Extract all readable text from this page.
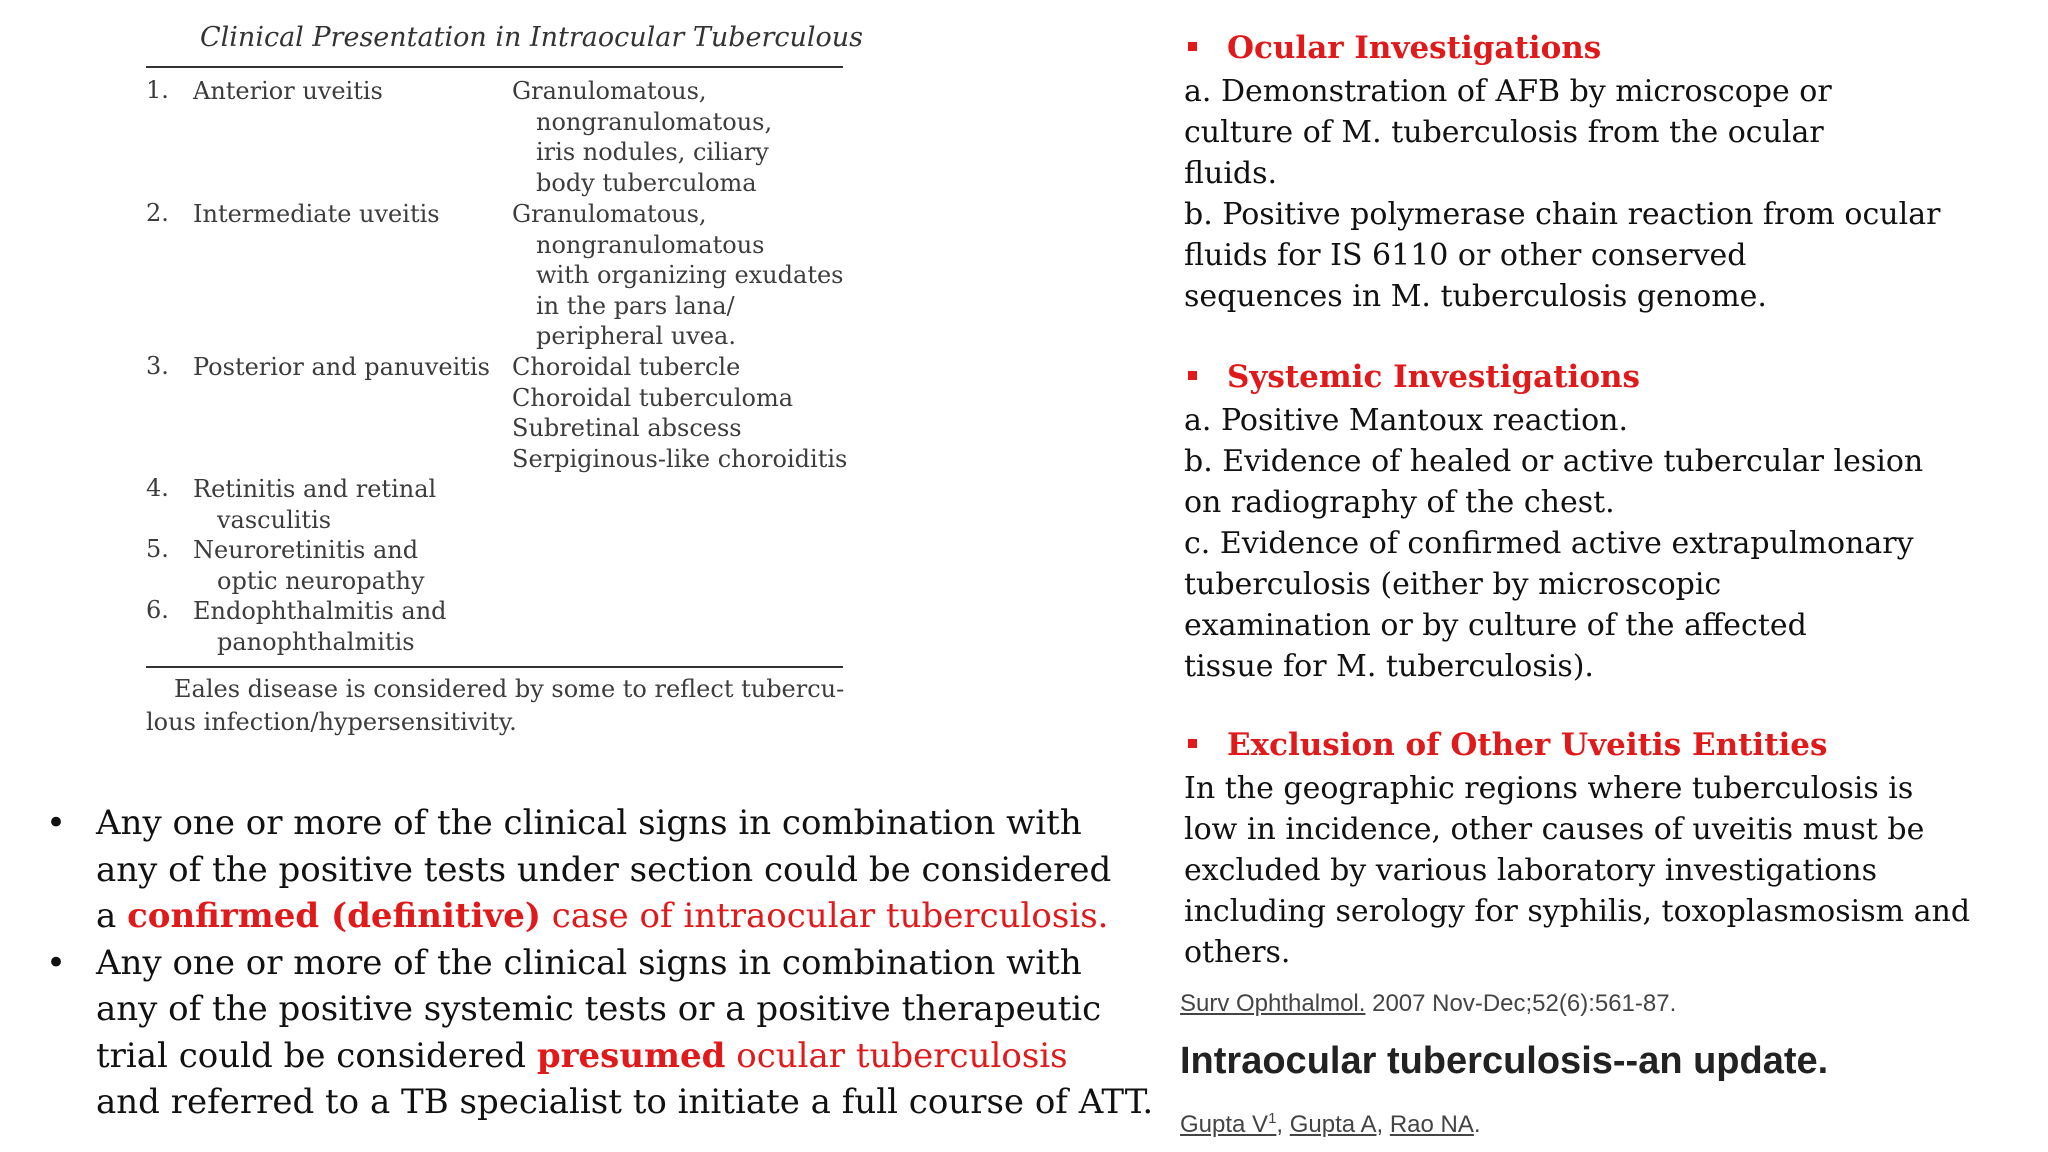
Clinical Presentation in Intraocular Tuberculous
1. Anterior uveitis	Granulomatous,
nongranulomatous,
iris nodules, ciliary
body tuberculoma
2. Intermediate uveitis	Granulomatous,
nongranulomatous
with organizing exudates
in the pars lana/
peripheral uvea.
3. Posterior and panuveitis Choroidal tubercle
Choroidal tuberculoma
Subretinal abscess
Serpiginous-like choroiditis
4. Retinitis and retinal
vasculitis
5. Neuroretinitis and
optic neuropathy
6. Endophthalmitis and
panophthalmitis
Eales disease is considered by some to reflect tubercu-
lous infection/hypersensitivity.
• Any one or more of the clinical signs in combination with
any of the positive tests under section could be considered
a confirmed (definitive) case of intraocular tuberculosis.
• Any one or more of the clinical signs in combination with
any of the positive systemic tests or a positive therapeutic
trial could be considered presumed ocular tuberculosis
and referred to a TB specialist to initiate a full course of ATT.
Ocular Investigations
a. Demonstration of AFB by microscope or
culture of M. tuberculosis from the ocular
fluids.
b. Positive polymerase chain reaction from ocular
fluids for IS 6110 or other conserved
sequences in M. tuberculosis genome.
Systemic Investigations
a. Positive Mantoux reaction.
b. Evidence of healed or active tubercular lesion
on radiography of the chest.
c. Evidence of confirmed active extrapulmonary
tuberculosis (either by microscopic
examination or by culture of the affected
tissue for M. tuberculosis).
Exclusion of Other Uveitis Entities
In the geographic regions where tuberculosis is
low in incidence, other causes of uveitis must be
excluded by various laboratory investigations
including serology for syphilis, toxoplasmosism and
others.
Surv Ophthalmol. 2007 Nov-Dec;52(6):561-87.
Intraocular tuberculosis--an update.
Gupta $V^1$, Gupta A, Rao NA.
